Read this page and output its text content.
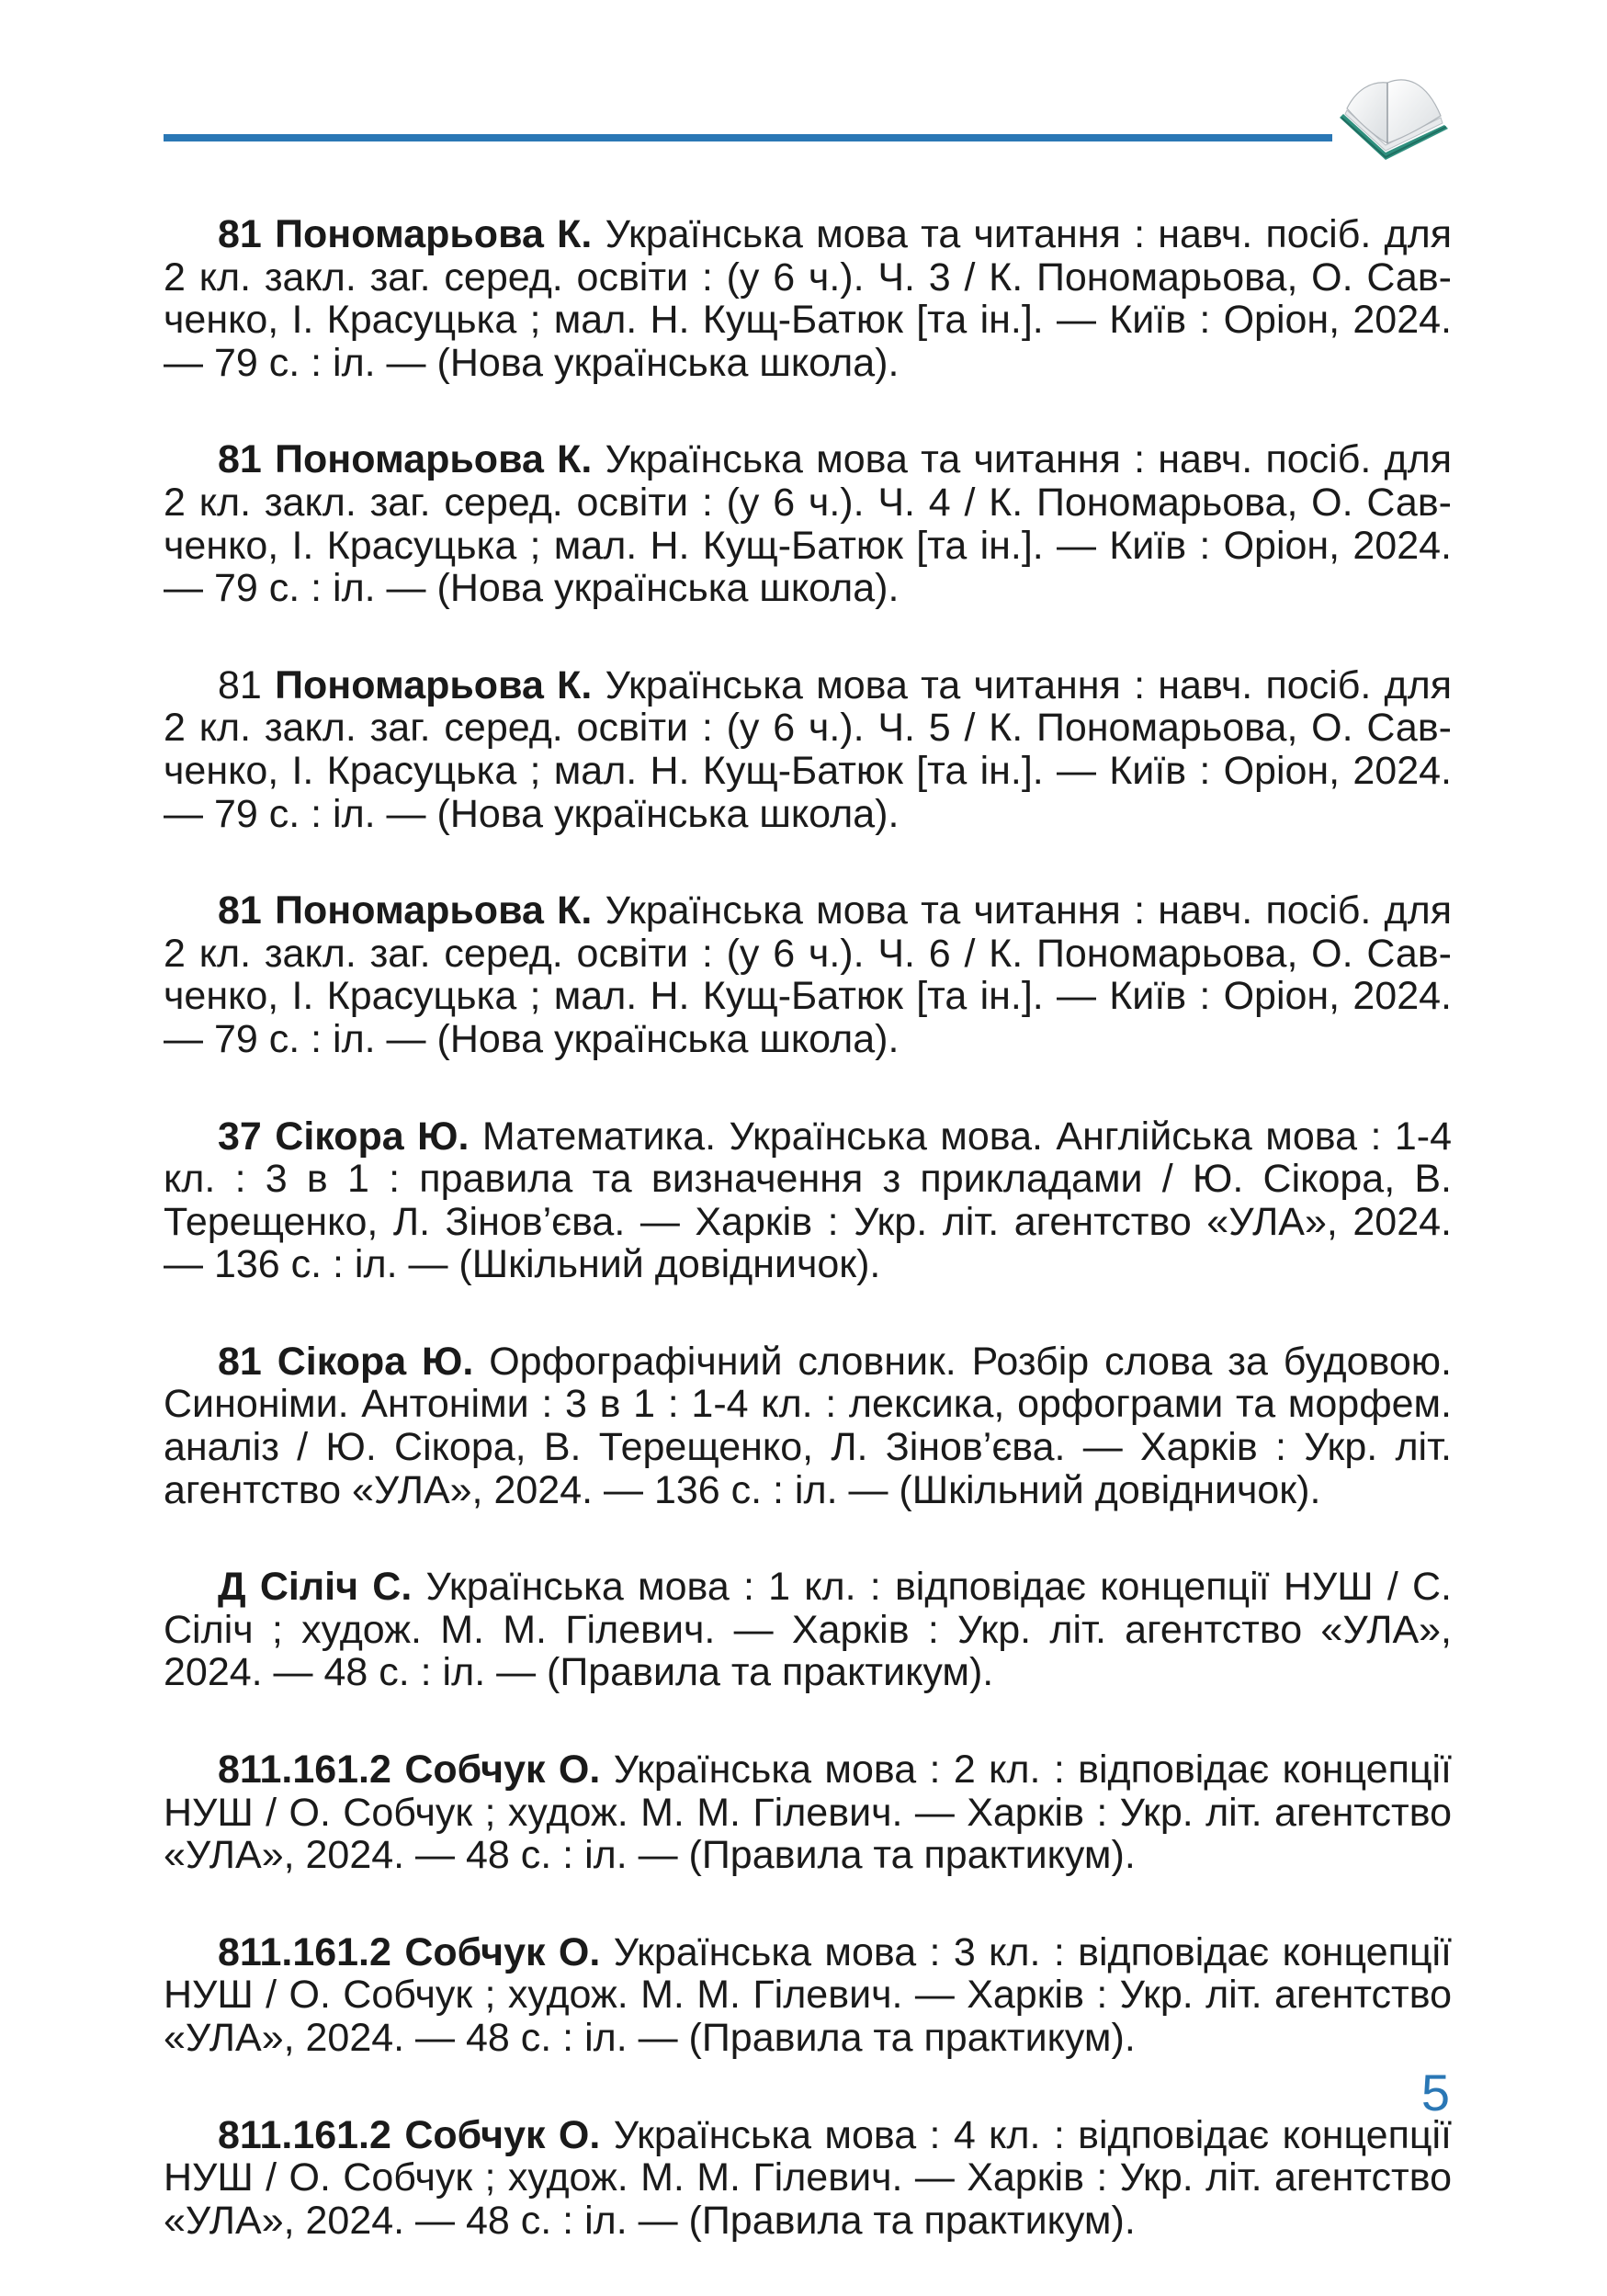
81 Пономарьова К. Українська мова та читання : навч. посіб. для 2 кл. закл. заг. серед. освіти : (у 6 ч.). Ч. 3 / К. Пономарьова, О. Савченко, І. Красуцька ; мал. Н. Кущ-Батюк [та ін.]. — Київ : Оріон, 2024. — 79 с. : іл. — (Нова українська школа).

81 Пономарьова К. Українська мова та читання : навч. посіб. для 2 кл. закл. заг. серед. освіти : (у 6 ч.). Ч. 4 / К. Пономарьова, О. Савченко, І. Красуцька ; мал. Н. Кущ-Батюк [та ін.]. — Київ : Оріон, 2024. — 79 с. : іл. — (Нова українська школа).

81 Пономарьова К. Українська мова та читання : навч. посіб. для 2 кл. закл. заг. серед. освіти : (у 6 ч.). Ч. 5 / К. Пономарьова, О. Савченко, І. Красуцька ; мал. Н. Кущ-Батюк [та ін.]. — Київ : Оріон, 2024. — 79 с. : іл. — (Нова українська школа).

81 Пономарьова К. Українська мова та читання : навч. посіб. для 2 кл. закл. заг. серед. освіти : (у 6 ч.). Ч. 6 / К. Пономарьова, О. Савченко, І. Красуцька ; мал. Н. Кущ-Батюк [та ін.]. — Київ : Оріон, 2024. — 79 с. : іл. — (Нова українська школа).

37 Сікора Ю. Математика. Українська мова. Англійська мова : 1-4 кл. : 3 в 1 : правила та визначення з прикладами / Ю. Сікора, В. Терещенко, Л. Зінов’єва. — Харків : Укр. літ. агентство «УЛА», 2024. — 136 с. : іл. — (Шкільний довідничок).

81 Сікора Ю. Орфографічний словник. Розбір слова за будовою. Синоніми. Антоніми : 3 в 1 : 1-4 кл. : лексика, орфограми та морфем. аналіз / Ю. Сікора, В. Терещенко, Л. Зінов’єва. — Харків : Укр. літ. агентство «УЛА», 2024. — 136 с. : іл. — (Шкільний довідничок).

Д Сіліч С. Українська мова : 1 кл. : відповідає концепції НУШ / С. Сіліч ; худож. М. М. Гілевич. — Харків : Укр. літ. агентство «УЛА», 2024. — 48 с. : іл. — (Правила та практикум).

811.161.2 Собчук О. Українська мова : 2 кл. : відповідає концепції НУШ / О. Собчук ; худож. М. М. Гілевич. — Харків : Укр. літ. агентство «УЛА», 2024. — 48 с. : іл. — (Правила та практикум).

811.161.2 Собчук О. Українська мова : 3 кл. : відповідає концепції НУШ / О. Собчук ; худож. М. М. Гілевич. — Харків : Укр. літ. агентство «УЛА», 2024. — 48 с. : іл. — (Правила та практикум).

811.161.2 Собчук О. Українська мова : 4 кл. : відповідає концепції НУШ / О. Собчук ; худож. М. М. Гілевич. — Харків : Укр. літ. агентство «УЛА», 2024. — 48 с. : іл. — (Правила та практикум).

5
